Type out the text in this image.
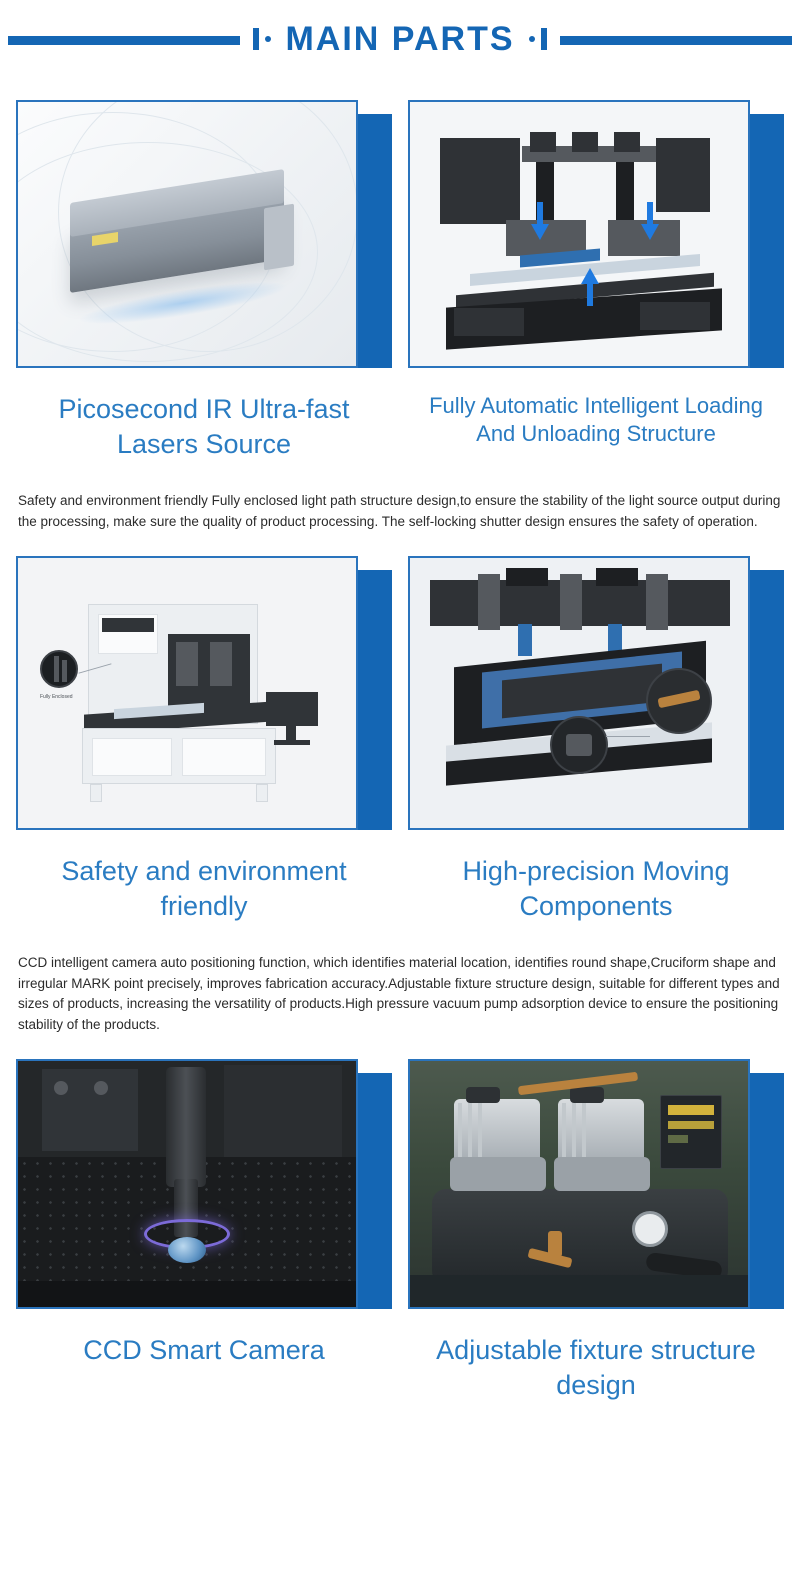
MAIN PARTS
Picosecond IR Ultra-fast Lasers Source
Fully Automatic Intelligent Loading And Unloading Structure
Safety and environment friendly Fully enclosed light path structure design,to ensure the stability of the light source output during the processing, make sure the quality of product processing. The self-locking shutter design ensures the safety of operation.
Fully Enclosed
Safety and environment friendly
High-precision Moving Components
CCD intelligent camera auto positioning function, which identifies material location, identifies round shape,Cruciform shape and irregular MARK point precisely, improves fabrication accuracy.Adjustable fixture structure design, suitable for different types and sizes of products, increasing the versatility of products.High pressure vacuum pump adsorption device to ensure the positioning stability of the products.
CCD Smart Camera	Adjustable fixture structure design
